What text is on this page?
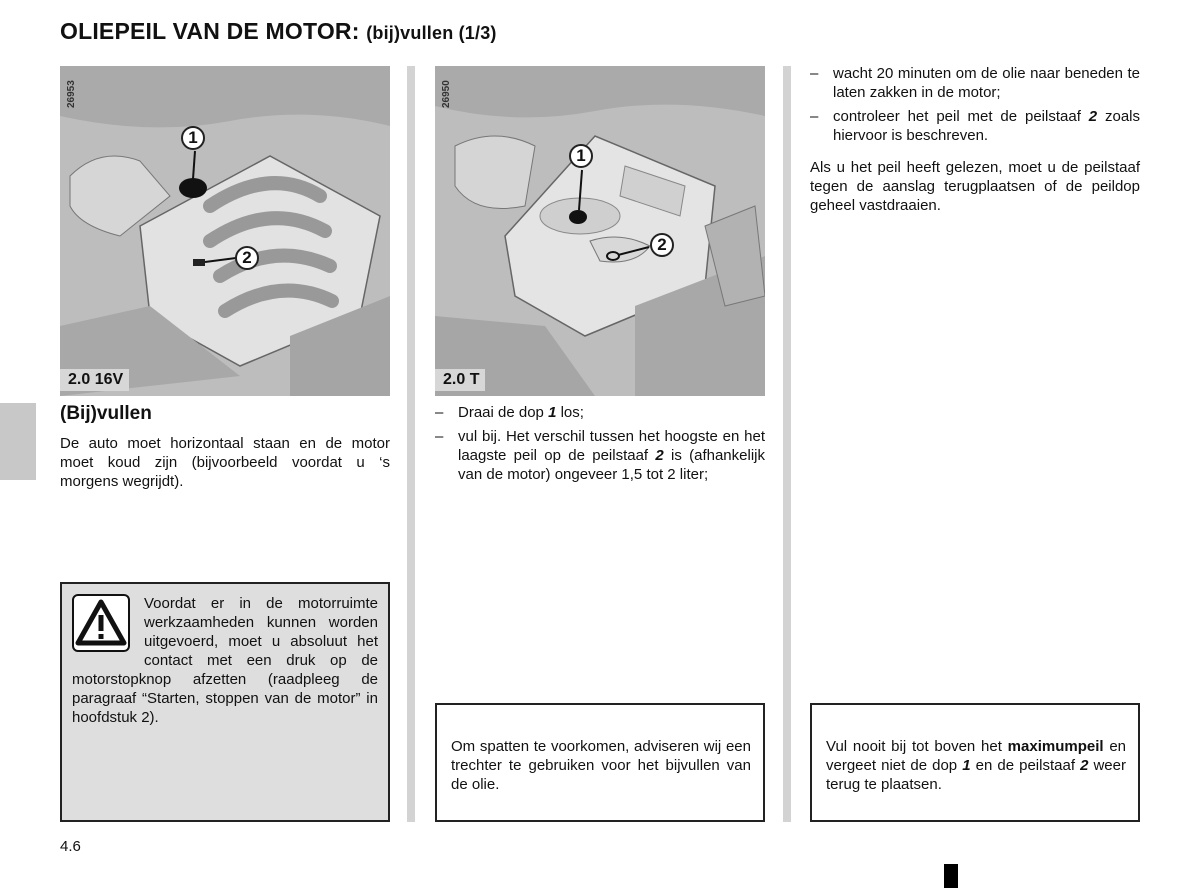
OLIEPEIL VAN DE MOTOR: (bij)vullen (1/3)
26953
1
2
2.0 16V
26950
1
2
2.0 T
(Bij)vullen
De auto moet horizontaal staan en de motor moet koud zijn (bijvoorbeeld voordat u ‘s morgens wegrijdt).
Voordat er in de motorruimte werkzaamheden kunnen worden uitgevoerd, moet u absoluut het contact met een druk op de motorstopknop afzetten (raadpleeg de paragraaf “Starten, stoppen van de motor” in hoofdstuk 2).
– Draai de dop 1 los;
– vul bij. Het verschil tussen het hoogste en het laagste peil op de peilstaaf 2 is (afhankelijk van de motor) ongeveer 1,5 tot 2 liter;
Om spatten te voorkomen, adviseren wij een trechter te gebruiken voor het bijvullen van de olie.
– wacht 20 minuten om de olie naar beneden te laten zakken in de motor;
– controleer het peil met de peilstaaf 2 zoals hiervoor is beschreven.
Als u het peil heeft gelezen, moet u de peilstaaf tegen de aanslag terugplaatsen of de peildop geheel vastdraaien.
Vul nooit bij tot boven het maximumpeil en vergeet niet de dop 1 en de peilstaaf 2 weer terug te plaatsen.
4.6
